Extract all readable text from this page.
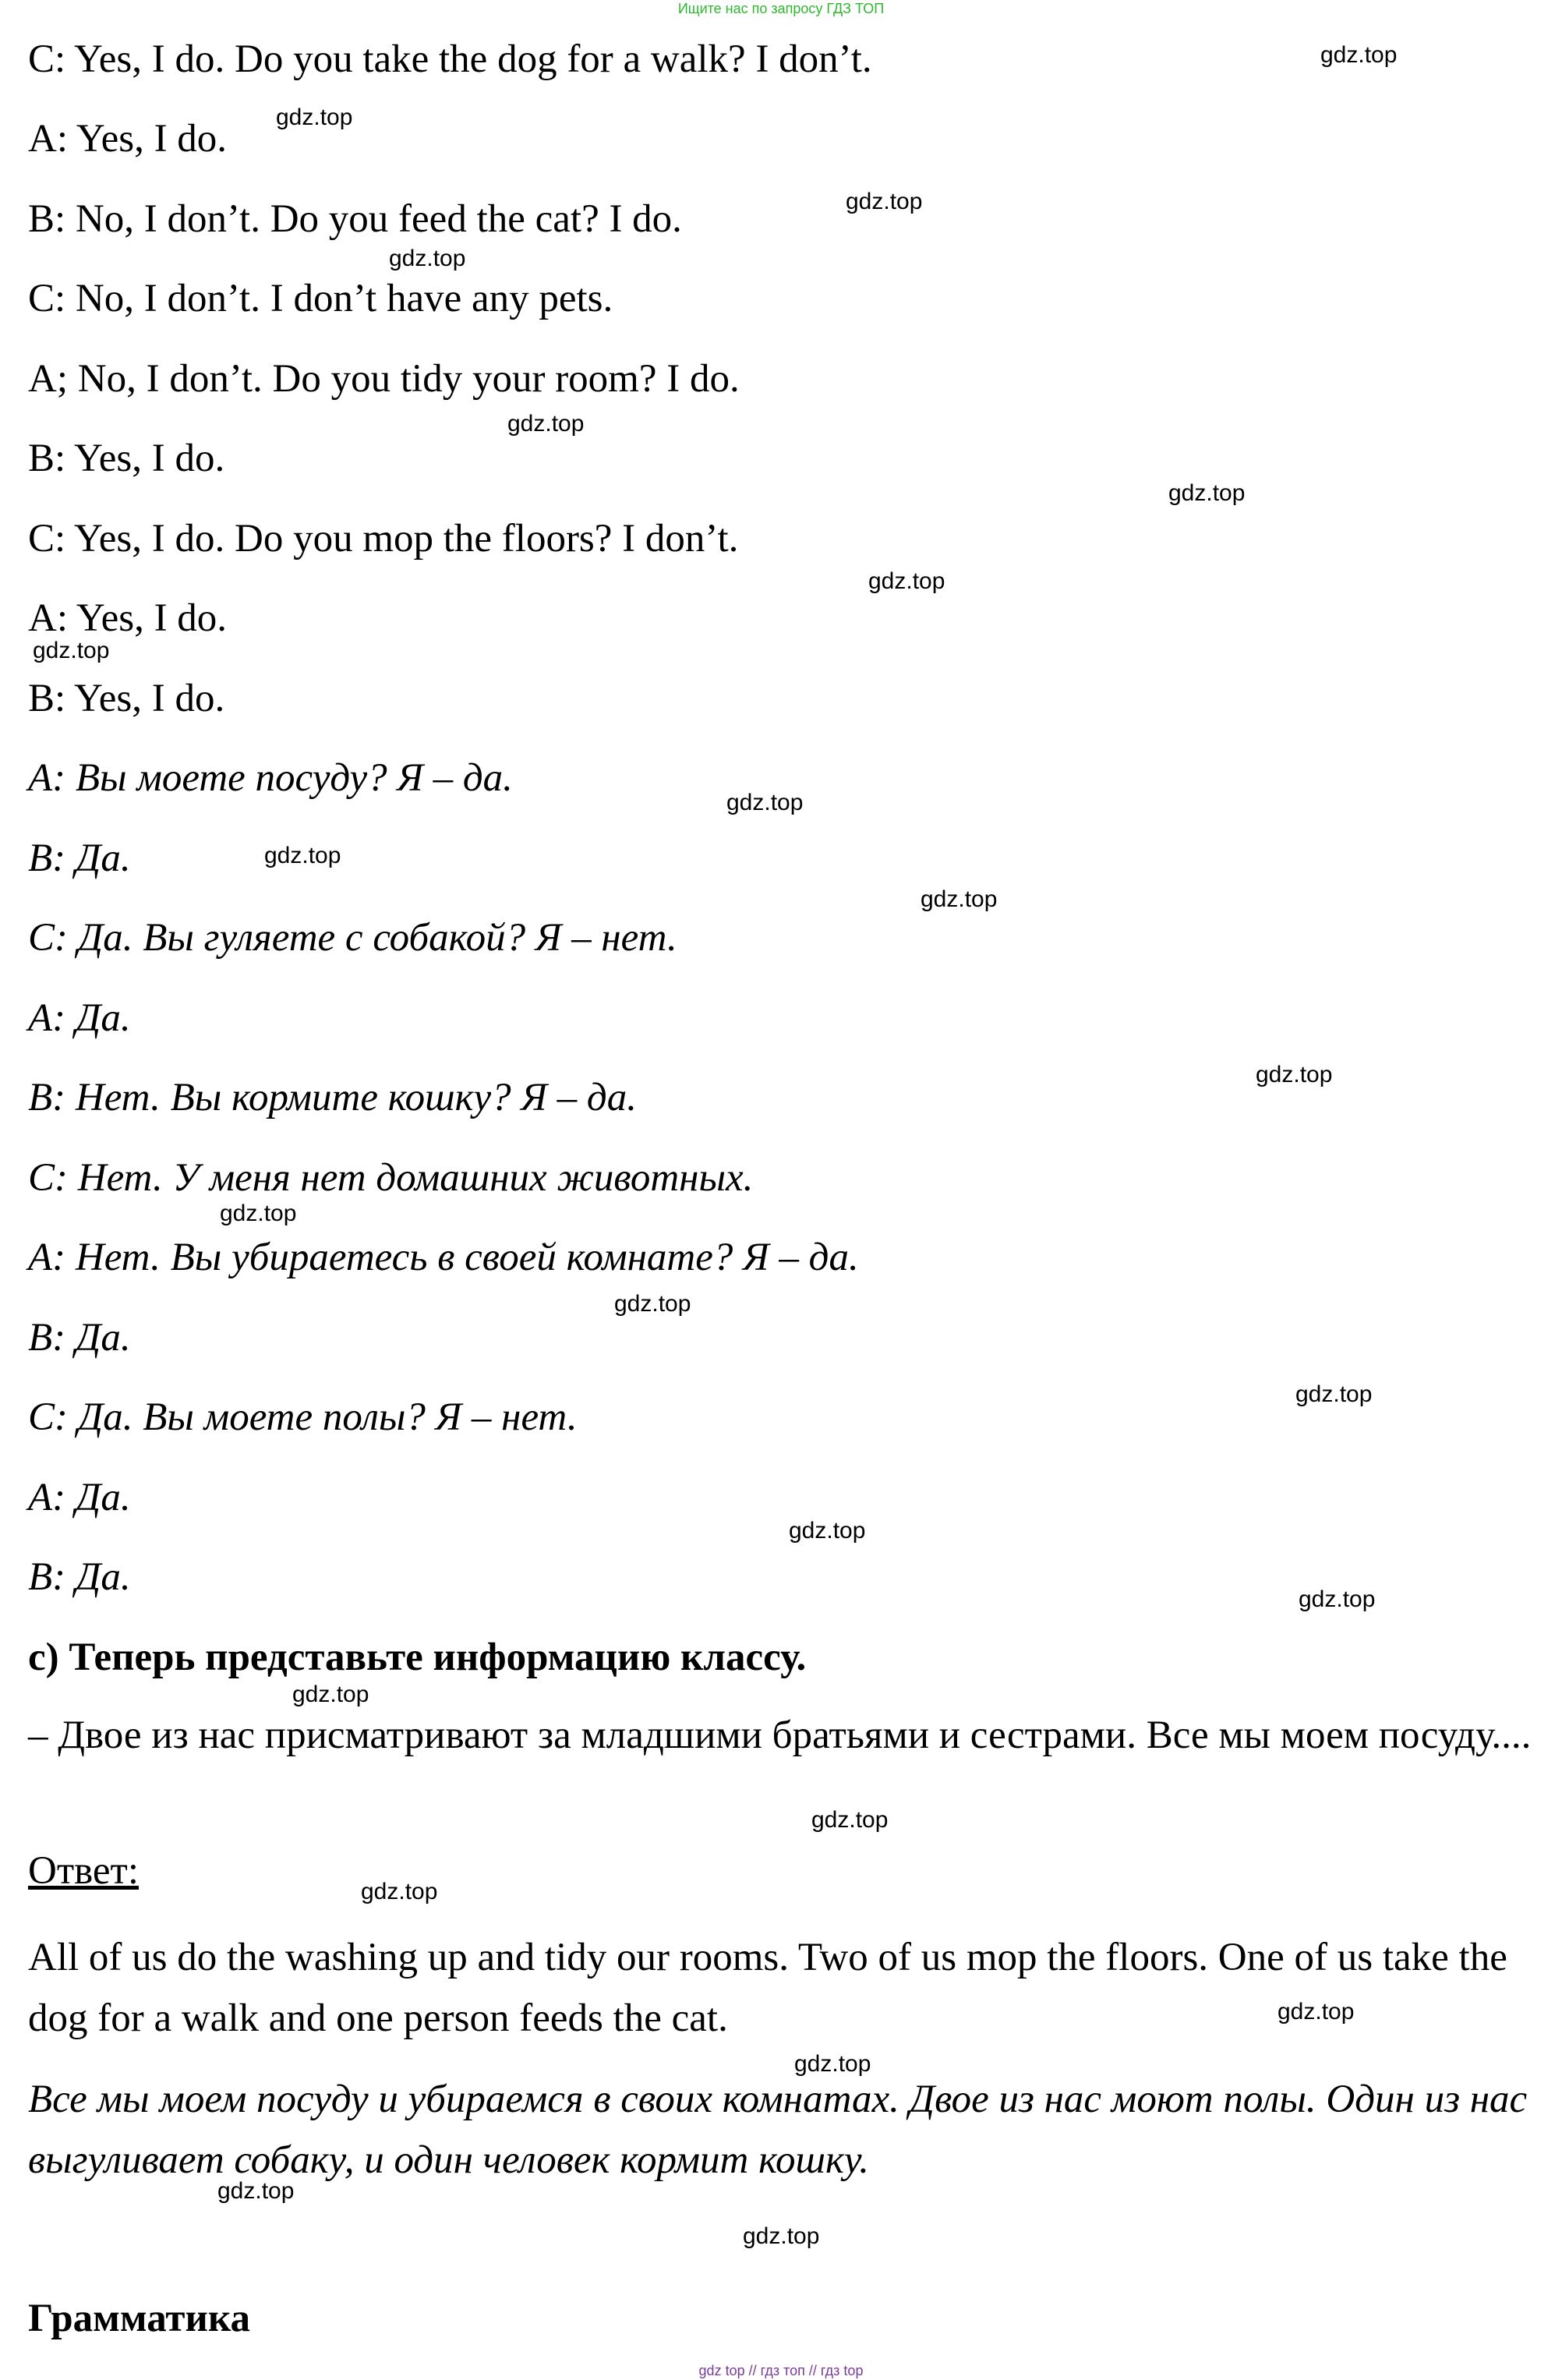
Ищите нас по запросу ГДЗ ТОП
C: Yes, I do. Do you take the dog for a walk? I don’t.
A: Yes, I do.
B: No, I don’t. Do you feed the cat? I do.
C: No, I don’t. I don’t have any pets.
A; No, I don’t. Do you tidy your room? I do.
B: Yes, I do.
C: Yes, I do. Do you mop the floors? I don’t.
A: Yes, I do.
B: Yes, I do.
A: Вы моете посуду? Я – да.
B: Да.
C: Да. Вы гуляете с собакой? Я – нет.
A: Да.
B: Нет. Вы кормите кошку? Я – да.
C: Нет. У меня нет домашних животных.
A: Нет. Вы убираетесь в своей комнате? Я – да.
B: Да.
C: Да. Вы моете полы? Я – нет.
A: Да.
B: Да.
c) Теперь представьте информацию классу.
– Двое из нас присматривают за младшими братьями и сестрами. Все мы моем посуду....
Ответ:
All of us do the washing up and tidy our rooms. Two of us mop the floors. One of us take the dog for a walk and one person feeds the cat.
Все мы моем посуду и убираемся в своих комнатах. Двое из нас моют полы. Один из нас выгуливает собаку, и один человек кормит кошку.
Грамматика
gdz.top
gdz.top
gdz.top
gdz.top
gdz.top
gdz.top
gdz.top
gdz.top
gdz.top
gdz.top
gdz.top
gdz.top
gdz.top
gdz.top
gdz.top
gdz.top
gdz.top
gdz.top
gdz.top
gdz.top
gdz.top
gdz.top
gdz.top
gdz.top
gdz top // гдз топ // гдз top
